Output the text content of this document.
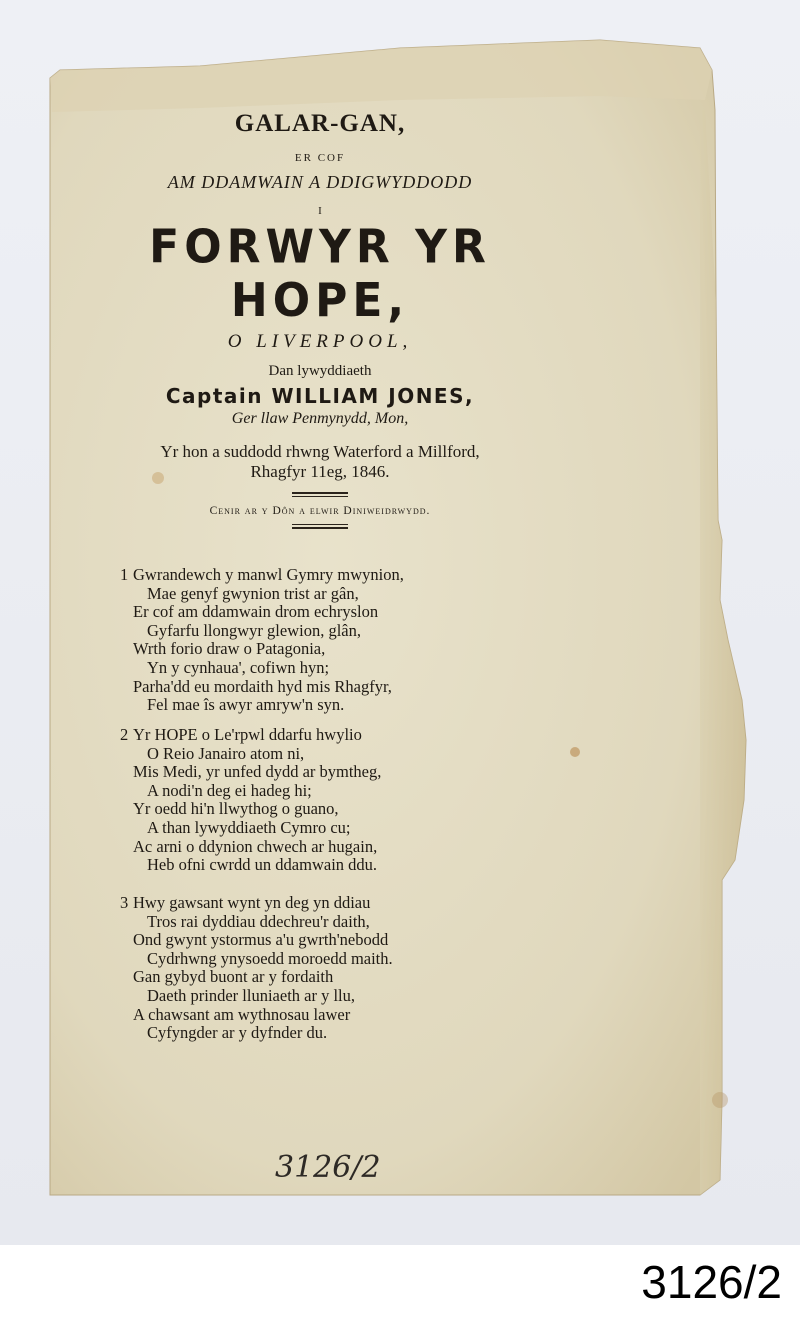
GALAR-GAN,
ER COF
AM DDAMWAIN A DDIGWYDDODD
I
FORWYR YR HOPE,
O LIVERPOOL,
Dan lywyddiaeth
Captain WILLIAM JONES,
Ger llaw Penmynydd, Mon,
Yr hon a suddodd rhwng Waterford a Millford,
Rhagfyr 11eg, 1846.
Cenir ar y Dôn a elwir Diniweidrwydd.
1 Gwrandewch y manwl Gymry mwynion,
Mae genyf gwynion trist ar gân,
Er cof am ddamwain drom echryslon
Gyfarfu llongwyr glewion, glân,
Wrth forio draw o Patagonia,
Yn y cynhaua', cofiwn hyn;
Parha'dd eu mordaith hyd mis Rhagfyr,
Fel mae îs awyr amryw'n syn.
2 Yr HOPE o Le'rpwl ddarfu hwylio
O Reio Janairo atom ni,
Mis Medi, yr unfed dydd ar bymtheg,
A nodi'n deg ei hadeg hi;
Yr oedd hi'n llwythog o guano,
A than lywyddiaeth Cymro cu;
Ac arni o ddynion chwech ar hugain,
Heb ofni cwrdd un ddamwain ddu.
3 Hwy gawsant wynt yn deg yn ddiau
Tros rai dyddiau ddechreu'r daith,
Ond gwynt ystormus a'u gwrth'nebodd
Cydrhwng ynysoedd moroedd maith.
Gan gybyd buont ar y fordaith
Daeth prinder lluniaeth ar y llu,
A chawsant am wythnosau lawer
Cyfyngder ar y dyfnder du.
3126/2
3126/2
